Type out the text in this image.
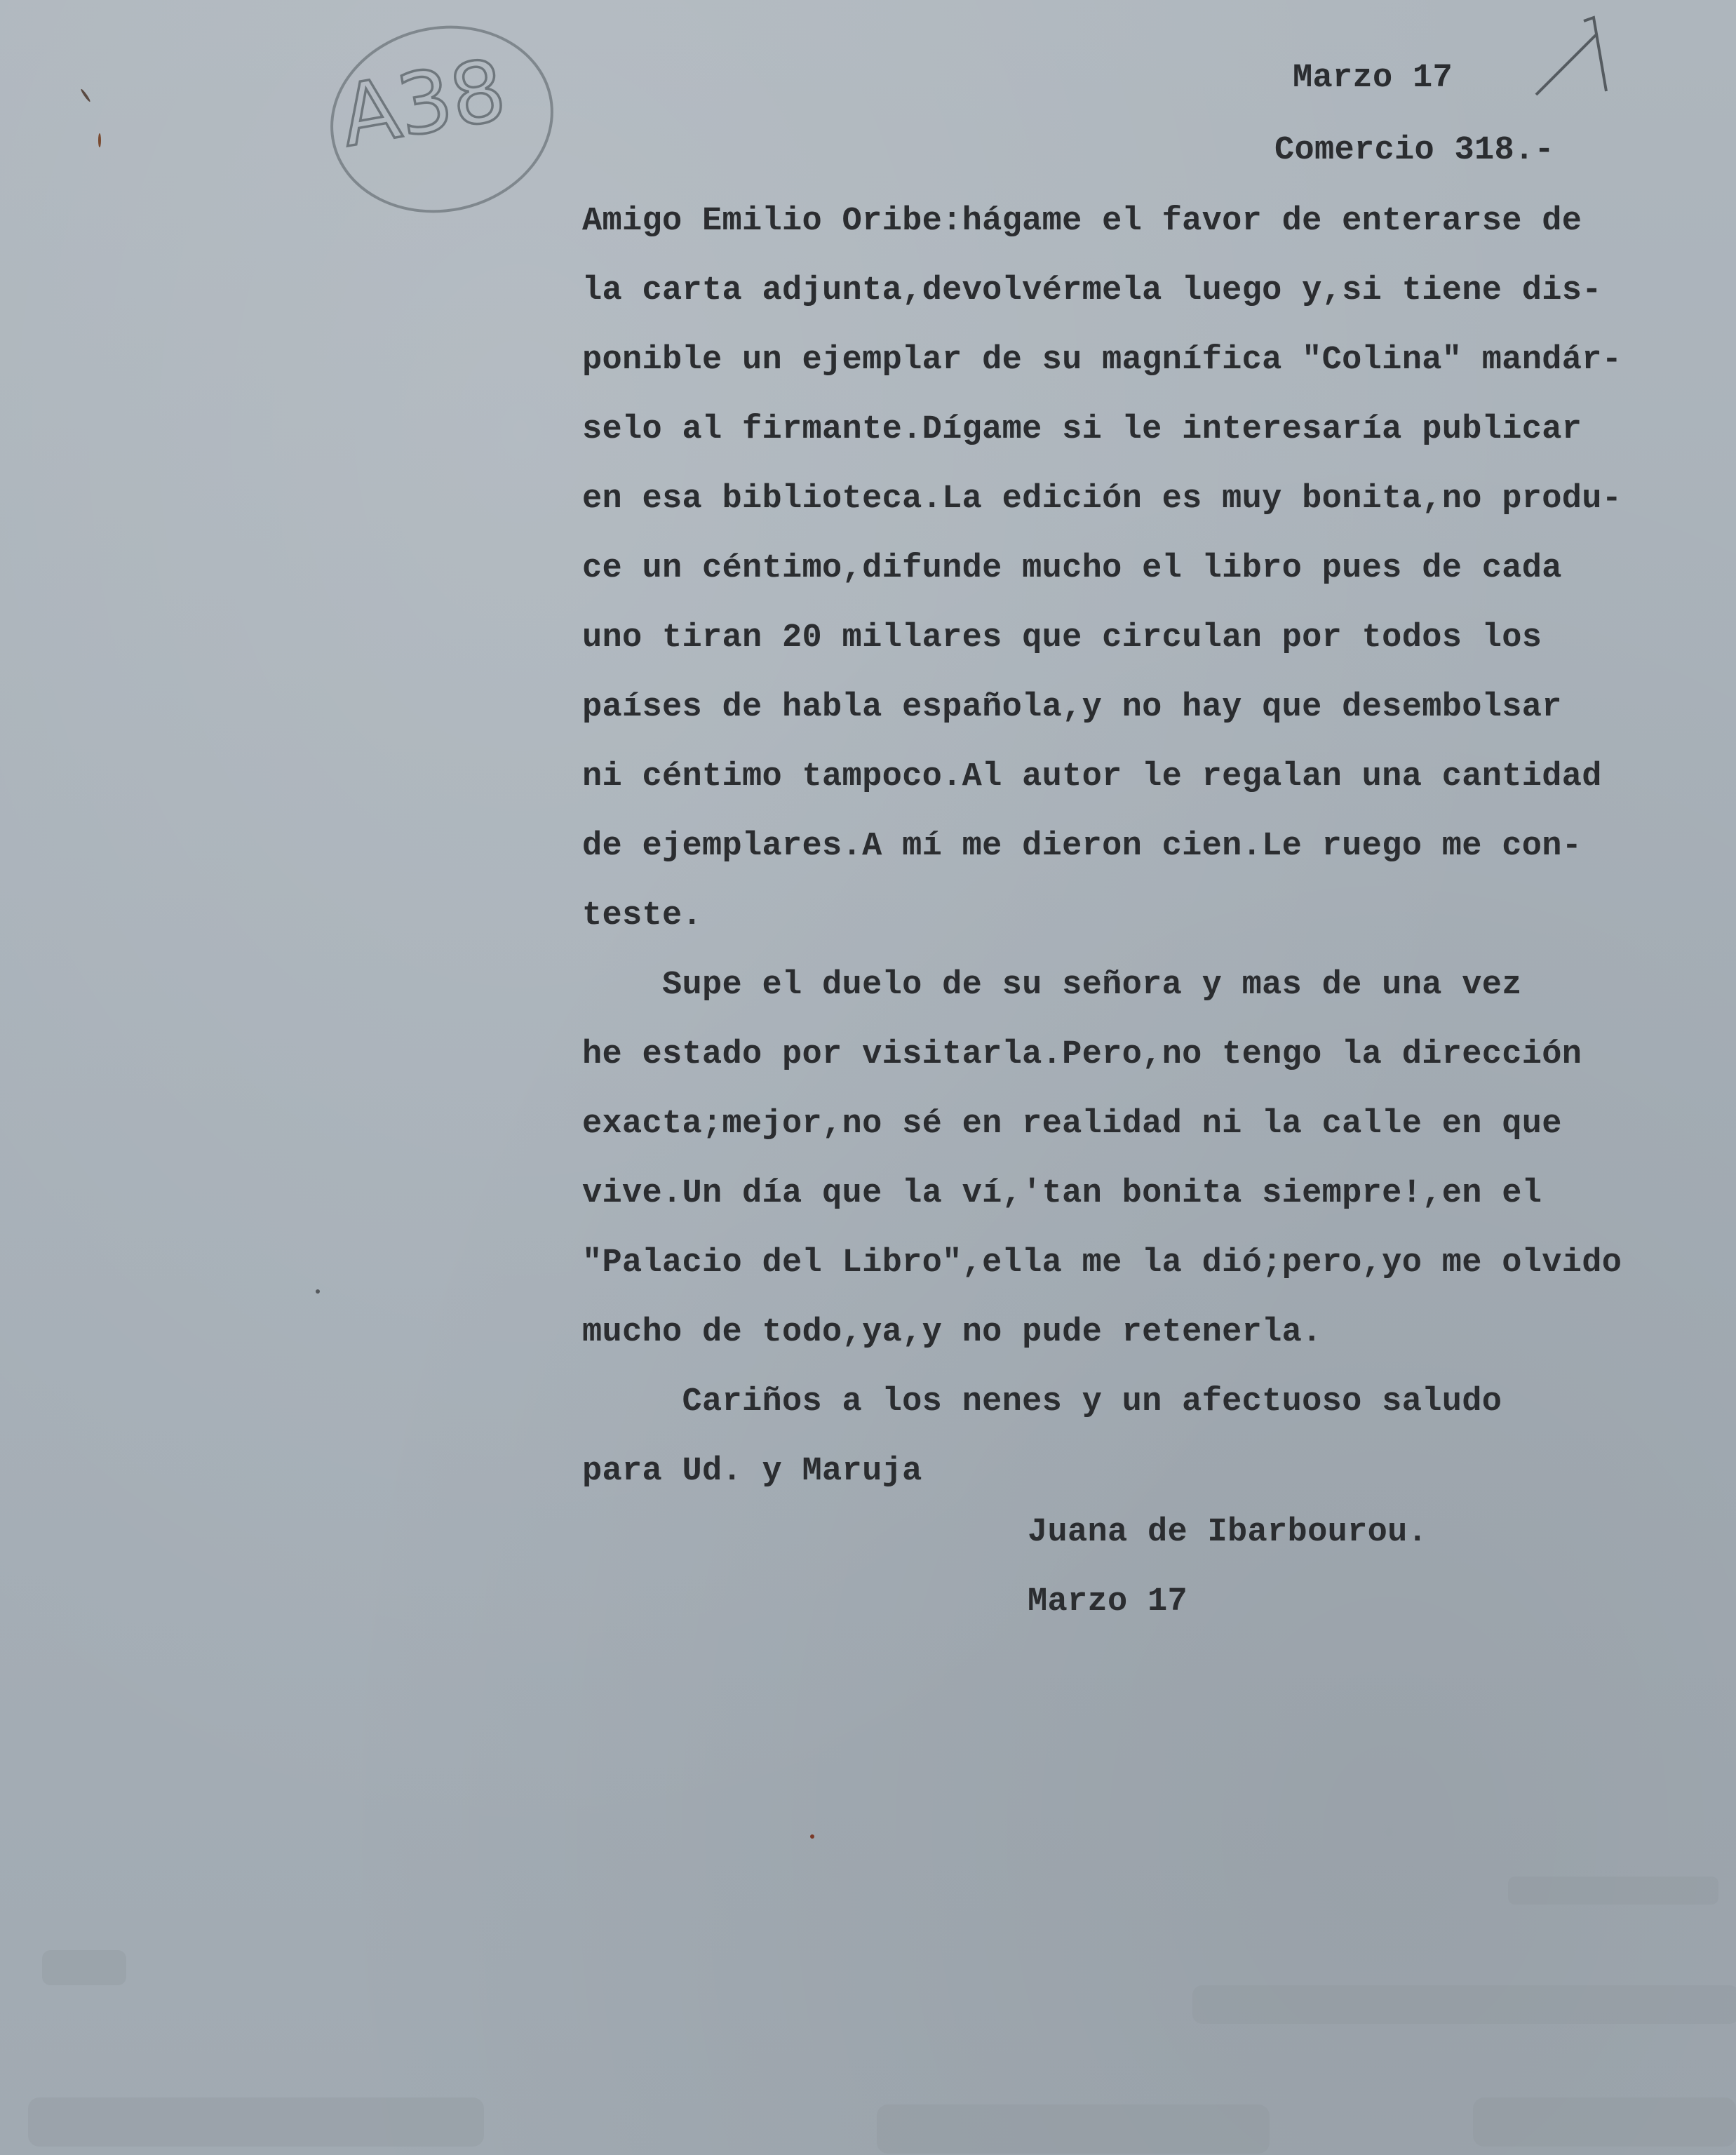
A38	Marzo 17
Comercio 318.-
Amigo Emilio Oribe:hágame el favor de enterarse de
la carta adjunta,devolvérmela luego y,si tiene dis-
ponible un ejemplar de su magnífica "Colina" mandár-
selo al firmante.Dígame si le interesaría publicar
en esa biblioteca.La edición es muy bonita,no produ-
ce un céntimo,difunde mucho el libro pues de cada
uno tiran 20 millares que circulan por todos los
países de habla española,y no hay que desembolsar
ni céntimo tampoco.Al autor le regalan una cantidad
de ejemplares.A mí me dieron cien.Le ruego me con-
teste.
Supe el duelo de su señora y mas de una vez
he estado por visitarla.Pero,no tengo la dirección
exacta;mejor,no sé en realidad ni la calle en que
vive.Un día que la ví,'tan bonita siempre!,en el
"Palacio del Libro",ella me la dió;pero,yo me olvido
mucho de todo,ya,y no pude retenerla.
Cariños a los nenes y un afectuoso saludo
para Ud. y Maruja
Juana de Ibarbourou.
Marzo 17
